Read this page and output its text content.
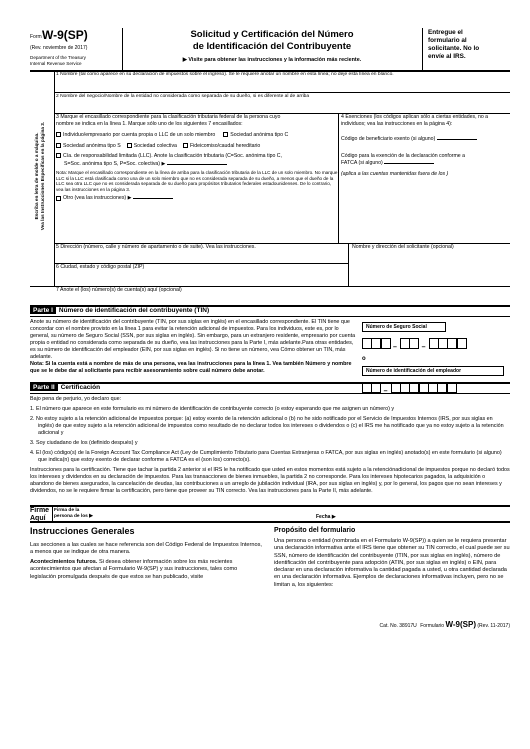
Form W-9(SP)
(Rev. noviembre de 2017)
Department of the Treasury
Internal Revenue Service
Solicitud y Certificación del Número
de Identificación del Contribuyente
▶ Visite para obtener las instrucciones y la información más reciente.
Entregue el
formulario al
solicitante. No lo
envíe al IRS.
Escriba en letra de molde o a máquina. Vea las Instrucciones Específicas en la página 3.
1 Nombre (tal como aparece en su declaración de impuestos sobre el ingreso). Se le requiere anotar un nombre en esta línea; no deje esta línea en blanco.
2 Nombre del negocio/Nombre de la entidad no considerada como separada de su dueño, si es diferente al de arriba
3 Marque el encasillado correspondiente para la clasificación tributaria federal de la persona cuyo
nombre se indica en la línea 1. Marque sólo uno de los siguientes 7 encasillados:
Individuo/empresario por cuenta propia o LLC de un solo miembro	Sociedad anónima tipo C
Sociedad anónima tipo S	Sociedad colectiva	Fideicomiso/caudal hereditario
Cía. de responsabilidad limitada (LLC). Anote la clasificación tributaria (C=Soc. anónima tipo C,
S=Soc. anónima tipo S, P=Soc. colectiva) ▶
Nota: Marque el encasillado correspondiente en la línea de arriba para la clasificación tributaria de la LLC de un solo miembro. No marque LLC si la LLC está clasificada como una de un solo miembro que no es considerada separada de su dueño, a menos que el dueño de la LLC sea otra LLC que no es considerada separada de su dueño para propósitos tributarios federales estadounidenses. De lo contrario, vea las instrucciones en la página 3.
Otro (vea las instrucciones) ▶
4 Exenciones (los códigos aplican sólo a ciertas entidades, no a individuos; vea las instrucciones en la página 4):
Código de beneficiario exento (si alguno)
Código para la exención de la declaración conforme a
FATCA (si alguno)
(aplica a las cuentas mantenidas fuera de los )
5 Dirección (número, calle y número de apartamento o de suite). Vea las instrucciones.	Nombre y dirección del solicitante (opcional)
6 Ciudad, estado y código postal (ZIP)
7 Anote el (los) número(s) de cuenta(s) aquí (opcional)
Parte I Número de identificación del contribuyente (TIN)

Anote su número de identificación del contribuyente (TIN, por sus siglas en inglés) en el encasillado correspondiente. El TIN tiene que concordar con el nombre provisto en la línea 1 para evitar la retención adicional de impuestos. Para los individuos, este es, por lo general, su número de Seguro Social (SSN, por sus siglas en inglés). Sin embargo, para un extranjero residente, empresario por cuenta propia o entidad no considerada como separada de su dueño, vea las instrucciones para la Parte I, más adelante.Para otras entidades, es su número de identificación del empleador (EIN, por sus siglas en inglés). Si no tiene un número, vea Cómo obtener un TIN, más adelante.

Nota: Si la cuenta está a nombre de más de una persona, vea las instrucciones para la línea 1. Vea también Número y nombre que se le debe dar al solicitante para recibir asesoramiento sobre cuál número debe anotar.

Número de Seguro Social
–	–
o
Número de identificación del empleador
–
Parte II Certificación

Bajo pena de perjurio, yo declaro que:

1. El número que aparece en este formulario es mi número de identificación de contribuyente correcto (o estoy esperando que me asignen un número) y

2. No estoy sujeto a la retención adicional de impuestos porque: (a) estoy exento de la retención adicional o (b) no he sido notificado por el Servicio de Impuestos Internos (IRS, por sus siglas en inglés) de que estoy sujeto a la retención adicional de impuestos como resultado de no declarar todos los intereses o dividendos o (c) el IRS me ha notificado que ya no estoy sujeto a la retención adicional y

3. Soy ciudadano de los (definido después) y

4. El (los) código(s) de la Foreign Account Tax Compliance Act (Ley de Cumplimiento Tributario para Cuentas Extranjeras o FATCA, por sus siglas en inglés) anotado(s) en este formulario (si alguno) que indica(n) que estoy exento de declarar conforme a FATCA es el (son los) correcto(s).

Instrucciones para la certificación. Tiene que tachar la partida 2 anterior si el IRS le ha notificado que usted en estos momentos está sujeto a la retenciónadicional de impuestos porque no declaró todos los intereses y dividendos en su declaración de impuestos. Para las transacciones de bienes inmuebles, la partida 2 no corresponde. Para los intereses hipotecarios pagados, la adquisición o abandono de bienes asegurados, la cancelación de deudas, las contribuciones a un arreglo de jubilación individual (IRA, por sus siglas en inglés) y, por lo general, los pagos que no sean intereses y dividendos, no se le requiere firmar la certificación, pero tiene que proveer su TIN correcto. Vea las instrucciones para la Parte II, más adelante.

Firme
Aquí
Firma de la
persona de los ▶	Fecha ▶
Instrucciones Generales

Las secciones a las cuales se hace referencia son del Código Federal de Impuestos Internos, a menos que se indique de otra manera.

Acontecimientos futuros. Si desea obtener información sobre los más recientes acontecimientos que afectan al Formulario W-9(SP) y sus instrucciones, tales como legislación promulgada después de que estos se han publicado, visite

Propósito del formulario

Una persona o entidad (nombrada en el Formulario W-9(SP)) a quien se le requiera presentar una declaración informativa ante el IRS tiene que obtener su TIN correcto, el cual puede ser su SSN, número de identificación del contribuyente (ITIN, por sus siglas en inglés), número de identificación del contribuyente para adopción (ATIN, por sus siglas en inglés) o EIN, para declarar en una declaración informativa la cantidad pagada a usted, u otra cantidad declarada en una declaración informativa. Ejemplos de declaraciones informativas incluyen, pero no se limitan a, los siguientes:

Cat. No. 38917U Formulario W-9(SP) (Rev. 11-2017)
